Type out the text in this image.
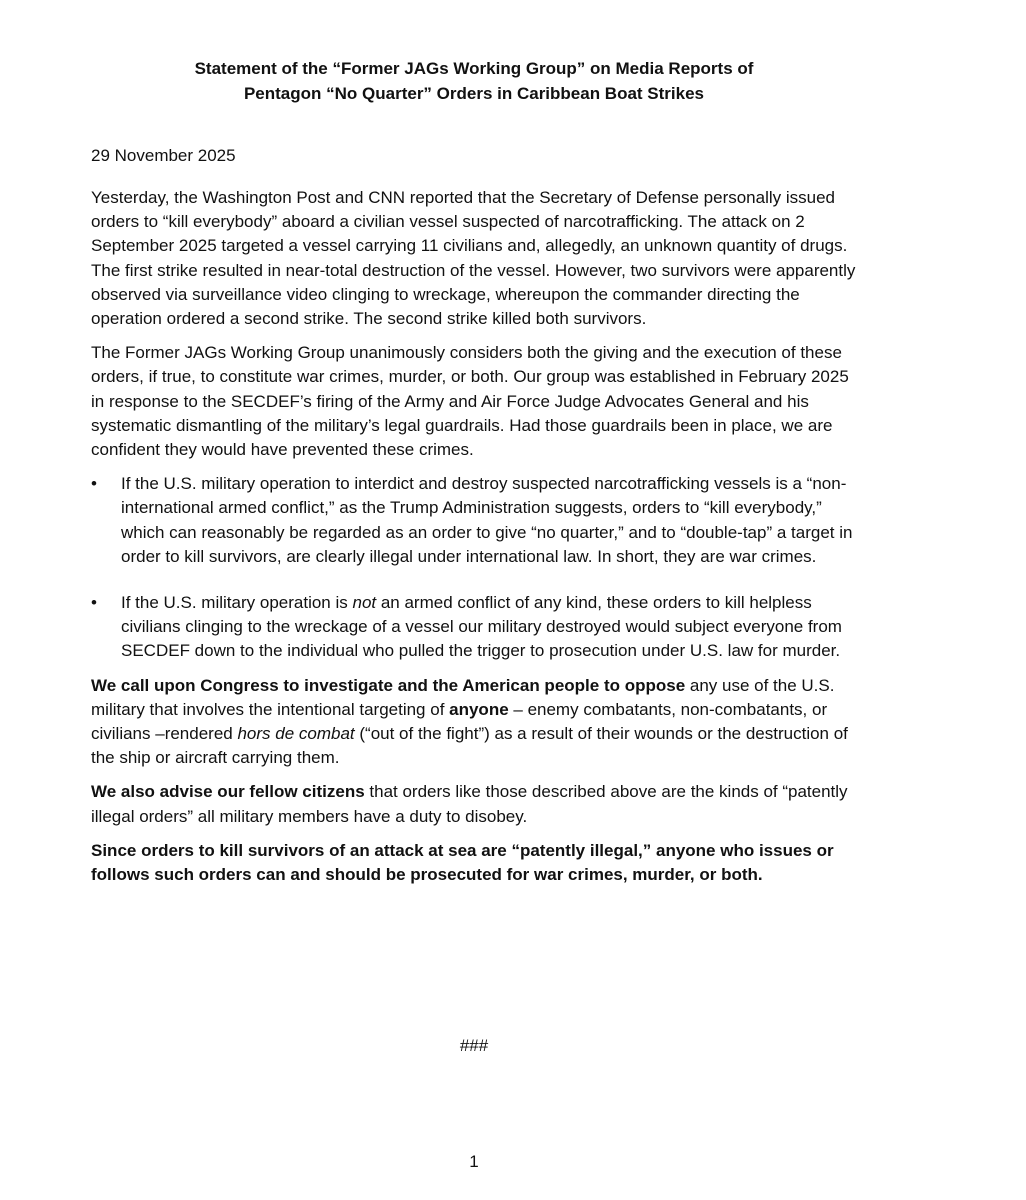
Statement of the “Former JAGs Working Group” on Media Reports of
Pentagon “No Quarter” Orders in Caribbean Boat Strikes
29 November 2025

Yesterday, the Washington Post and CNN reported that the Secretary of Defense personally issued orders to “kill everybody” aboard a civilian vessel suspected of narcotrafficking. The attack on 2 September 2025 targeted a vessel carrying 11 civilians and, allegedly, an unknown quantity of drugs. The first strike resulted in near-total destruction of the vessel. However, two survivors were apparently observed via surveillance video clinging to wreckage, whereupon the commander directing the operation ordered a second strike. The second strike killed both survivors.

The Former JAGs Working Group unanimously considers both the giving and the execution of these orders, if true, to constitute war crimes, murder, or both. Our group was established in February 2025 in response to the SECDEF’s firing of the Army and Air Force Judge Advocates General and his systematic dismantling of the military’s legal guardrails. Had those guardrails been in place, we are confident they would have prevented these crimes.

• If the U.S. military operation to interdict and destroy suspected narcotrafficking vessels is a “non-international armed conflict,” as the Trump Administration suggests, orders to “kill everybody,” which can reasonably be regarded as an order to give “no quarter,” and to “double-tap” a target in order to kill survivors, are clearly illegal under international law. In short, they are war crimes.
• If the U.S. military operation is not an armed conflict of any kind, these orders to kill helpless civilians clinging to the wreckage of a vessel our military destroyed would subject everyone from SECDEF down to the individual who pulled the trigger to prosecution under U.S. law for murder.

We call upon Congress to investigate and the American people to oppose any use of the U.S. military that involves the intentional targeting of anyone – enemy combatants, non-combatants, or civilians –rendered hors de combat (“out of the fight”) as a result of their wounds or the destruction of the ship or aircraft carrying them.

We also advise our fellow citizens that orders like those described above are the kinds of “patently illegal orders” all military members have a duty to disobey.

Since orders to kill survivors of an attack at sea are “patently illegal,” anyone who issues or follows such orders can and should be prosecuted for war crimes, murder, or both.

###
1
